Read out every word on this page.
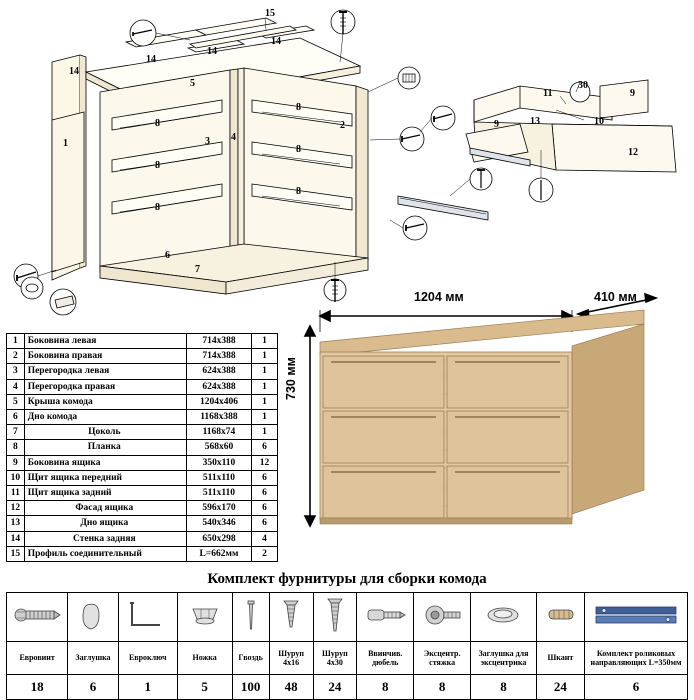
15
14
14
14
14
5
8
8
8
8
8
8
1	3
2
4
6
7
9
9
11
13
30
10
12
1	Боковина левая	714х388	1
2	Боковина правая	714х388	1
3	Перегородка левая	624х388	1
4	Перегородка правая	624х388	1
5	Крыша комода	1204х406	1
6	Дно комода	1168х388	1
7	Цоколь	1168х74	1
8	Планка	568х60	6
9	Боковина ящика	350х110	12
10	Щит ящика передний	511х110	6
11	Щит ящика задний	511х110	6
12	Фасад ящика	596х170	6
13	Дно ящика	540х346	6
14	Стенка задняя	650х298	4
15	Профиль соединительный	L=662мм	2
1204 мм	410 мм
730 мм
Комплект фурнитуры для сборки комода

Евровинт	Заглушка	Евроключ	Ножка	Гвоздь	Шуруп 4х16	Шуруп 4х30	Ввинчив. дюбель	Эксцентр. стяжка	Заглушка для эксцентрика	Шкант	Комплект роликовых направляющих L=350мм
18	6	1	5	100	48	24	8	8	8	24	6
